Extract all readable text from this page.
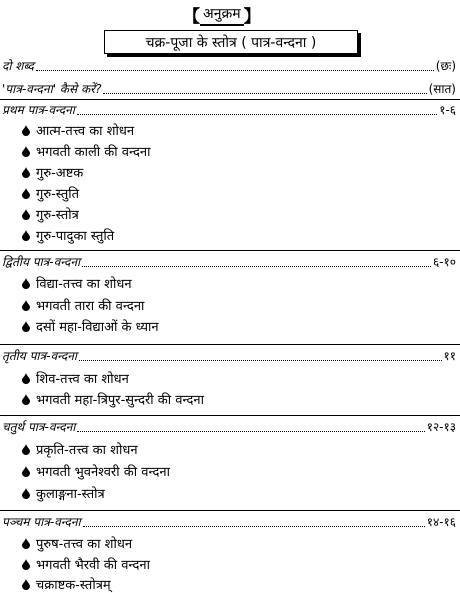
【 अनुक्रम 】
चक्र-पूजा के स्तोत्र ( पात्र-वन्दना )
दो शब्द	(छः)
'पात्र-वन्दना' कैसे करें?	(सात)
प्रथम पात्र-वन्दना	१-६
आत्म-तत्त्व का शोधन
भगवती काली की वन्दना
गुरु-अष्टक
गुरु-स्तुति
गुरु-स्तोत्र
गुरु-पादुका स्तुति
द्वितीय पात्र-वन्दना	६-१०
विद्या-तत्त्व का शोधन
भगवती तारा की वन्दना
दसों महा-विद्याओं के ध्यान
तृतीय पात्र-वन्दना	११
शिव-तत्त्व का शोधन
भगवती महा-त्रिपुर-सुन्दरी की वन्दना
चतुर्थ पात्र-वन्दना	१२-१३
प्रकृति-तत्त्व का शोधन
भगवती भुवनेश्वरी की वन्दना
कुलाङ्गना-स्तोत्र
पञ्चम पात्र-वन्दना	१४-१६
पुरुष-तत्त्व का शोधन
भगवती भैरवी की वन्दना
चक्राष्टक-स्तोत्रम्
